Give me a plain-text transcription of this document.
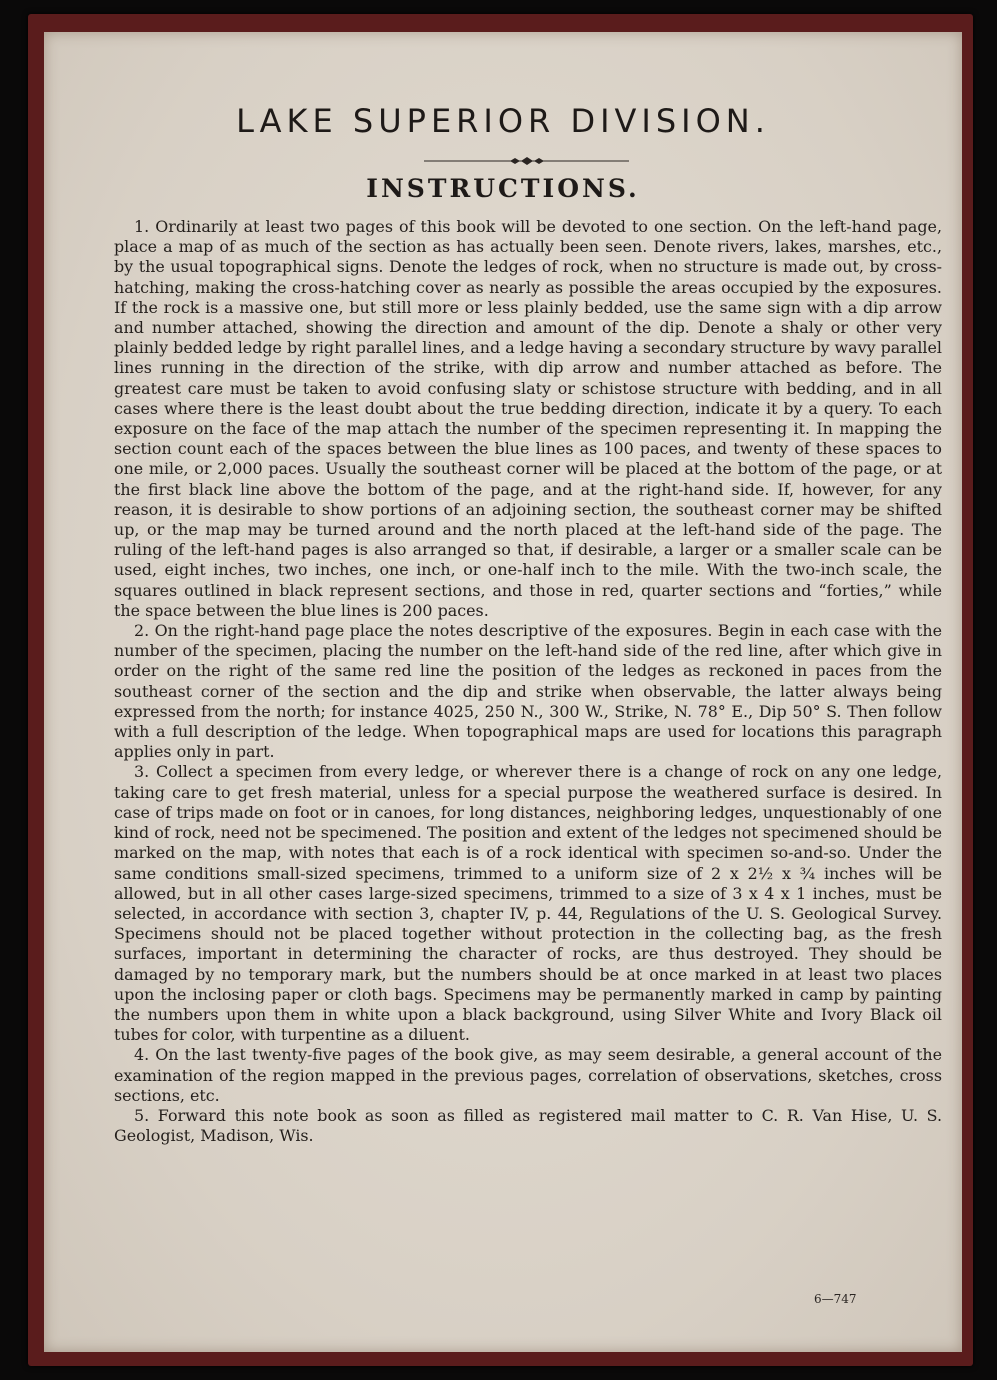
LAKE SUPERIOR DIVISION.
INSTRUCTIONS.

1. Ordinarily at least two pages of this book will be devoted to one section. On the left-hand page, place a map of as much of the section as has actually been seen. Denote rivers, lakes, marshes, etc., by the usual topographical signs. Denote the ledges of rock, when no structure is made out, by cross-hatching, making the cross-hatching cover as nearly as possible the areas occupied by the exposures. If the rock is a massive one, but still more or less plainly bedded, use the same sign with a dip arrow and number attached, showing the direction and amount of the dip. Denote a shaly or other very plainly bedded ledge by right parallel lines, and a ledge having a secondary structure by wavy parallel lines running in the direction of the strike, with dip arrow and number attached as before. The greatest care must be taken to avoid confusing slaty or schistose structure with bedding, and in all cases where there is the least doubt about the true bedding direction, indicate it by a query. To each exposure on the face of the map attach the number of the specimen representing it. In mapping the section count each of the spaces between the blue lines as 100 paces, and twenty of these spaces to one mile, or 2,000 paces. Usually the southeast corner will be placed at the bottom of the page, or at the first black line above the bottom of the page, and at the right-hand side. If, however, for any reason, it is desirable to show portions of an adjoining section, the southeast corner may be shifted up, or the map may be turned around and the north placed at the left-hand side of the page. The ruling of the left-hand pages is also arranged so that, if desirable, a larger or a smaller scale can be used, eight inches, two inches, one inch, or one-half inch to the mile. With the two-inch scale, the squares outlined in black represent sections, and those in red, quarter sections and “forties,” while the space between the blue lines is 200 paces.

2. On the right-hand page place the notes descriptive of the exposures. Begin in each case with the number of the specimen, placing the number on the left-hand side of the red line, after which give in order on the right of the same red line the position of the ledges as reckoned in paces from the southeast corner of the section and the dip and strike when observable, the latter always being expressed from the north; for instance 4025, 250 N., 300 W., Strike, N. 78° E., Dip 50° S. Then follow with a full description of the ledge. When topographical maps are used for locations this paragraph applies only in part.

3. Collect a specimen from every ledge, or wherever there is a change of rock on any one ledge, taking care to get fresh material, unless for a special purpose the weathered surface is desired. In case of trips made on foot or in canoes, for long distances, neighboring ledges, unquestionably of one kind of rock, need not be specimened. The position and extent of the ledges not specimened should be marked on the map, with notes that each is of a rock identical with specimen so-and-so. Under the same conditions small-sized specimens, trimmed to a uniform size of 2 x 2½ x ¾ inches will be allowed, but in all other cases large-sized specimens, trimmed to a size of 3 x 4 x 1 inches, must be selected, in accordance with section 3, chapter IV, p. 44, Regulations of the U. S. Geological Survey. Specimens should not be placed together without protection in the collecting bag, as the fresh surfaces, important in determining the character of rocks, are thus destroyed. They should be damaged by no temporary mark, but the numbers should be at once marked in at least two places upon the inclosing paper or cloth bags. Specimens may be permanently marked in camp by painting the numbers upon them in white upon a black background, using Silver White and Ivory Black oil tubes for color, with turpentine as a diluent.

4. On the last twenty-five pages of the book give, as may seem desirable, a general account of the examination of the region mapped in the previous pages, correlation of observations, sketches, cross sections, etc.

5. Forward this note book as soon as filled as registered mail matter to C. R. Van Hise, U. S. Geologist, Madison, Wis.

6—747
